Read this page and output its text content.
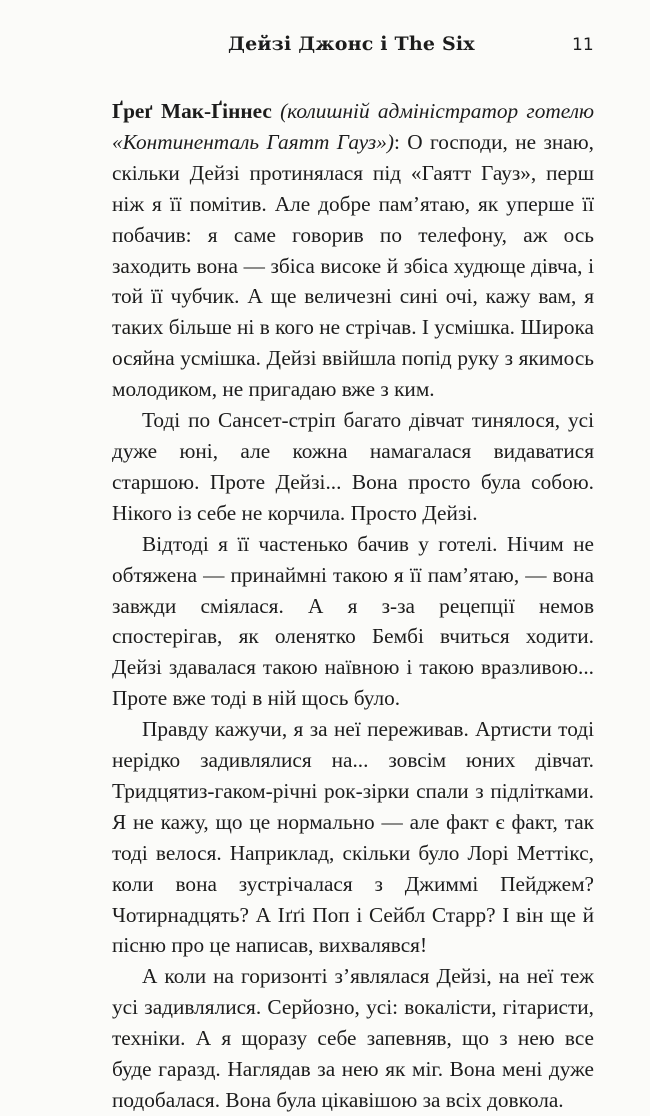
Дейзі Джонс і The Six	11

Ґреґ Мак-Ґіннес (колишній адміністратор готелю «Континенталь Гаятт Гауз»): О господи, не знаю, скільки Дейзі протинялася під «Гаятт Гауз», перш ніж я її помітив. Але добре пам’ятаю, як уперше її побачив: я саме говорив по телефону, аж ось заходить вона — збіса високе й збіса худюще дівча, і той її чубчик. А ще величезні сині очі, кажу вам, я таких більше ні в кого не стрічав. І усмішка. Широка осяйна усмішка. Дейзі ввійшла попід руку з якимось молодиком, не пригадаю вже з ким.

Тоді по Сансет-стріп багато дівчат тинялося, усі дуже юні, але кожна намагалася видаватися старшою. Проте Дейзі... Вона просто була собою. Нікого із себе не корчила. Просто Дейзі.

Відтоді я її частенько бачив у готелі. Нічим не обтяжена — принаймні такою я її пам’ятаю, — вона завжди сміялася. А я з-за рецепції немов спостерігав, як оленятко Бембі вчиться ходити. Дейзі здавалася такою наївною і такою вразливою... Проте вже тоді в ній щось було.

Правду кажучи, я за неї переживав. Артисти тоді нерідко задивлялися на... зовсім юних дівчат. Тридцятиз-гаком-річні рок-зірки спали з підлітками. Я не кажу, що це нормально — але факт є факт, так тоді велося. Наприклад, скільки було Лорі Меттікс, коли вона зустрічалася з Джиммі Пейджем? Чотирнадцять? А Іґґі Поп і Сейбл Старр? І він ще й пісню про це написав, вихвалявся!

А коли на горизонті з’являлася Дейзі, на неї теж усі задивлялися. Серйозно, усі: вокалісти, гітаристи, техніки. А я щоразу себе запевняв, що з нею все буде гаразд. Наглядав за нею як міг. Вона мені дуже подобалася. Вона була цікавішою за всіх довкола.
